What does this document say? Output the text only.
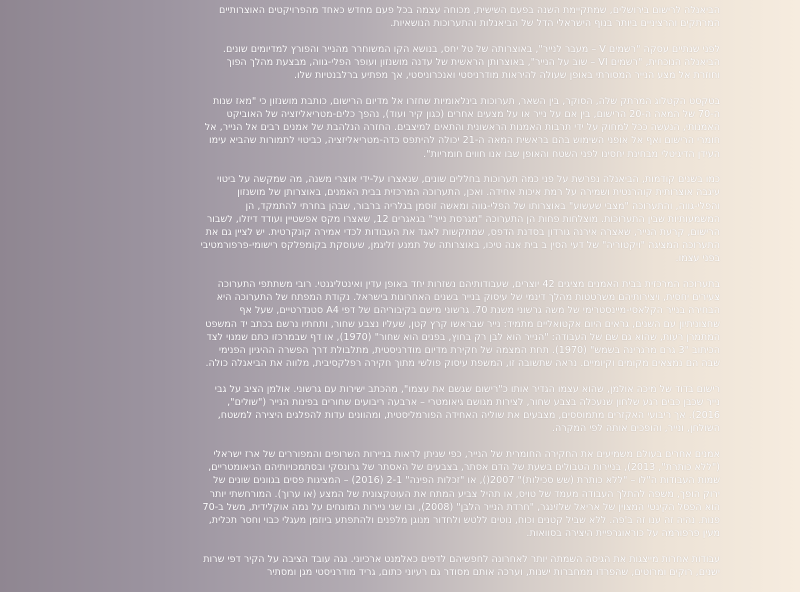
הביאנלה לרישום בירושלים, שמתקיימת השנה בפעם השישית, מכוחה עצמה בכל פעם מחדש כאחד מהפרויקטים האוצרותיים המרתקים והרציניים ביותר בנוף הישראלי הדל של הביאנלות והתערוכות הנושאיות.

לפני שנתיים עסקה "רשמים V – מעבר לנייר", באוצרותה של טל יחס, בנושא הקו המשוחרר מהנייר והפורץ למדיומים שונים. הביאנלה הנוכחית, "רשמים VI – שוב על הנייר", באוצרותן הראשית של עדנה מושנזון ועופר הפלי-גווה, מבצעת מהלך הפוך וחוזרת אל מצע הנייר המסורתי באופן שעולה להיראות מודרניסטי ואנכרוניסטי, אך מפתיע ברלבנטיות שלו.

בטקסט הקטלוג המרתק שלה, הסוקר, בין השאר, תערוכות בינלאומיות שחזרו אל מדיום הרישום, כותבת מושנזון כי "מאז שנות ה-70 של המאה ה-20 הרישום, בין אם על נייר או על מצעים אחרים (כגון קיר ועוד), נהפך כלים-מטריאליזציה של האוביקט האמנותי, הנעשה ככל למחוק על ידי תרבות האמנות הראשונית והתאים למיצבים. החזרה הנלהבת של אמנים רבים אל הנייר, אל חומרי הרישום ואף אל אופני השימוש בהם בראשית המאה ה-21 יכולה להיתפס כדה-מטריאליזציה, כביטוי לתמורות שהביא עימו העידן הדיגיטלי מבחינת יחסינו לפני השטח והאופן שבו אנו חווים חומריות".

כמו בשנים קודמות, הביאנלה נפרשת על פני כמה תערוכות בחללים שונים, שנאצרו על-ידי אוצרי משנה, מה שמקשה על ביטוי עיגבה אוצרותית קוהרנטית ושמירה על רמת איכות אחידה. ואכן, התערוכה המרכזית בבית האמנים, באוצרותן של מושנזון והפלי-גווה, והתערוכה "מצבי שעשוע" באוצרותו של הפלי-גווה ומאשה זוסמן בגלריה ברבור, שבהן בחרתי להתמקד, הן המשמעותיות שבין התערוכות. מוצלחות פחות הן התערוכה "מגרסת נייר" בגאגרים 12, שאצרו מקס אפשטיין ועודד דיזלו, לשבור הרישום, קרעת הנייר, שאצרה אירנה גורדון בסדנת הדפס, שמתקשות לאגד את העבודות לכדי אמירה קונקרטית. יש לציין גם את התערוכה המציגה "ויקטוריה" של דעי הסין ב בית אנה טיכו, באוצרותה של תמנע זליגמן, שעוסקת בקומפלקס רישומי-פרפורמטיבי בפני עצמו.

בתערוכה המרכזית בבית האמנים מציגים 42 יוצרים, שעבודותיהם נשזרות יחד באופן עדין ואינטליגנטי. רובי משתתפי התערוכה צעירים יחסית, ויצירותיהם משרטטות מהלך דינמי של עיסוק בנייר בשנים האחרונות בישראל. נקודת המפתח של התערוכה היא הבחירה בנייר הקלאסי-מיינסטרימי של משה גרשוני משנת 70. גרשוני מישם בקיבוריהם של דפי A4 סטנדרטיים, שעל אף שחצוניתיון עם השנים, גראים היום אקטואליים מתמיד: נייר שבראשו קרץ קטן, שעליו נצבע שחור, ותחתיו נרשם בכתב יד המשפט המתמרן רעות, שהוא גם שם של העבודה: "הנייר הוא לבן רק בחוץ, בפנים הוא שחור" (1970), או דף שבמרכזו כתם שמנוי לצד הכיתוב "3 גרם מרגרינה בשמש" (1970). תחת המצמה של חקירת מדיום מודרניסטית, מתלבולת דרך הפשרה ההיגיון הפנימי שבה הם נמצאים מקומים וקיומיים. נראה שתשובה זו, המשפת עיסוק פולשי מתוך חקירה רפלקסיבית, מלווה את הביאנלה כולה.

רישום בדוד של מיכה אולמן, שהוא עצמו הגדיר אותו כ"רישום שגשם את עצמו", מהכתב ישירות עם גרשוני. אולמן הציב על גבי נייר שכבן כבים רגע שלחון שנעכלה בצבע שחור, לצירות מגושם גיאומטרי – ארבעה ריבועים שחורים בפינות הנייר ("שולים", 2016). אך ריבועי האקזרים מתמוססים, מצבעים את שוליה האחידה הפורמליסטית, ומהוונים עדות להפלגים היצירה למשטח, השולחן, ונייר, והופכים אותה לפי המקרה.

אמנים אחרים בעולם משמיעים את החקירה החומרית של הנייר, כפי שניתן לראות בניירות השרופים והמפוררים של ארז ישראלי ("ללא כותרת", 2013), בניירות הטבולים בשעת של הדם אסתר, בצבעים של האסתר של גרונסקי ובסתמכויותיהם הגיאומטריים, שמות העבודות ה"לו – "ללא כותרת (שש סכילות)" 2007(), או "זכלות הפינה" 2-1 (2016) – המציגות פסים בגוונים שונים של ירוק הופך, משפה להתלך העבודה מעמד של טויס, או תהיל צביע המתח את העוטקצונית של המצע (או ערוך). המורחשתי יותר הוא הפסל הקינטי המצוין של אריאל שלזינגר, "חרדת הנייר הלבן" (2008), ובו שני ניירות המונחים על נמה אוקלידית, משל ב-70 פנות. נהיה זה ענו זה ב'פה. ללא שביל קטנים וכוח, נוטים ללטש ולחדור מנוגן מלפנים ולהתפתע ביוזמן מעגלי כבוי וחסר תכלית, מעין פרפורמה על כוראוגרפיית היצירה בסוואות.

עבודות אחרות מייצגות את הגיסה השמתה יותר לאחרונה לחפשיהם לדפים כאלמנט ארכיוני. נגה עובד הציבה על הקיר דפי שרות ישנים, רוקים ומרוטים, שהפרדו ממחברות ישנות, וערכה אותם מסודר גם רעיוני כתום, גריד מודרניסטי מגן ומסתיר
